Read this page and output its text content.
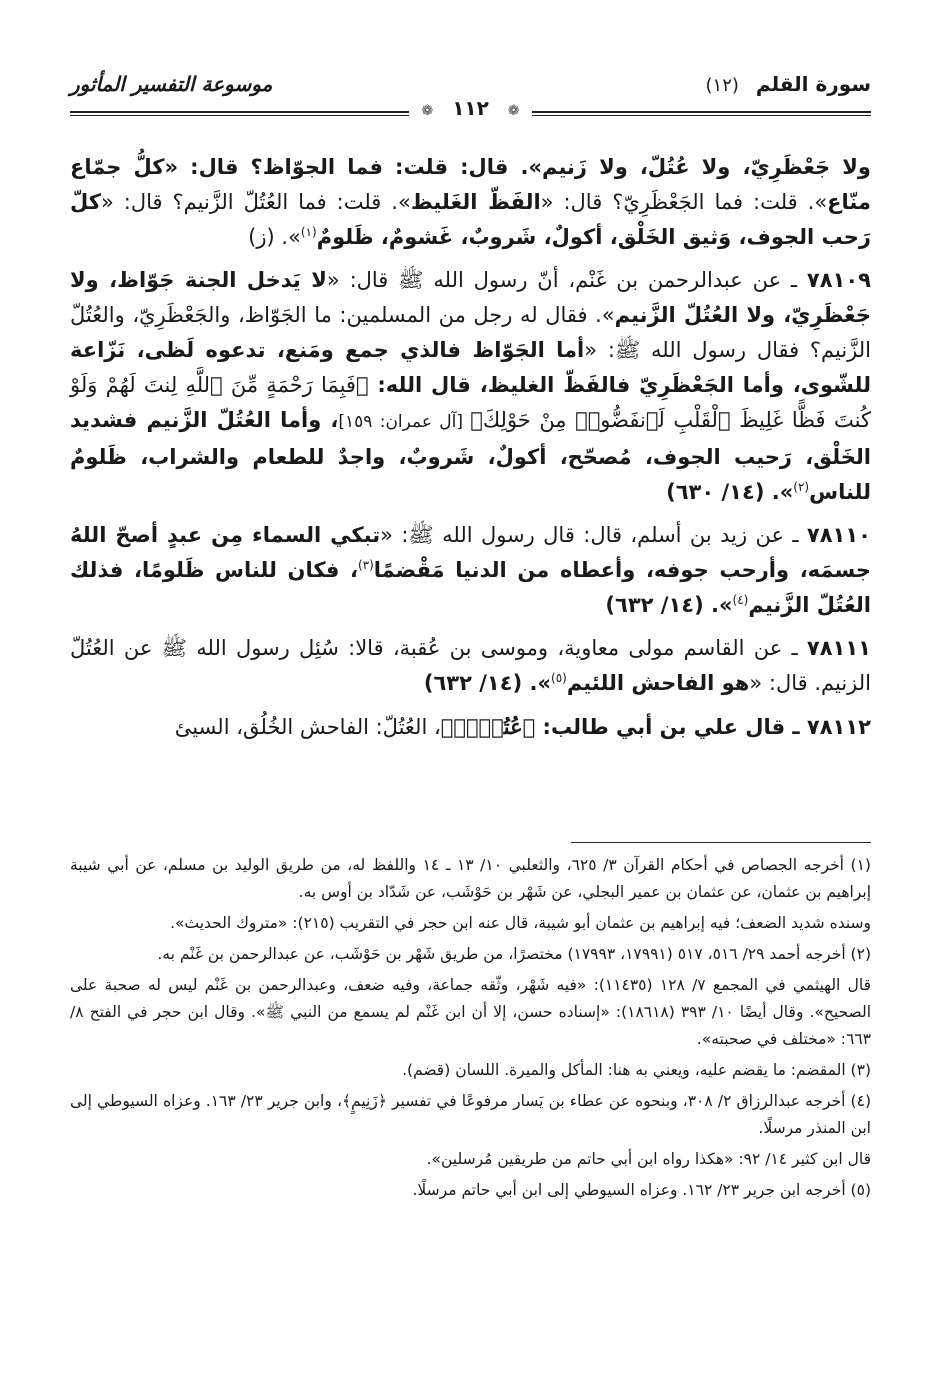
سورة القلم (١٢)
موسوعة التفسير المأثور
❁ ١١٢ ❁

ولا جَعْظَرِيّ، ولا عُتُلّ، ولا زَنيم». قال: قلت: فما الجوّاظ؟ قال: «كلُّ جمّاع منّاع». قلت: فما الجَعْظَرِيّ؟ قال: «الفَظّ الغَليظ». قلت: فما العُتُلّ الزَّنيم؟ قال: «كلّ رَحب الجوف، وَثيق الخَلْق، أكولٌ، شَروبٌ، غَشومٌ، ظَلومٌ$^{(١)}$». (ز)

٧٨١٠٩ ـ عن عبدالرحمن بن غَنْم، أنّ رسول الله ﷺ قال: «لا يَدخل الجنة جَوّاظ، ولا جَعْظَرِيّ، ولا العُتُلّ الزَّنيم». فقال له رجل من المسلمين: ما الجَوّاظ، والجَعْظَرِيّ، والعُتُلّ الزَّنيم؟ فقال رسول الله ﷺ: «أما الجَوّاظ فالذي جمع ومَنع، تدعوه لَظى، نَزّاعة للشّوى، وأما الجَعْظَرِيّ فالفَظّ الغليظ، قال الله: ﴿فَبِمَا رَحْمَةٍ مِّنَ ٱللَّهِ لِنتَ لَهُمْ وَلَوْ كُنتَ فَظًّا غَلِيظَ ٱلْقَلْبِ لَٱنفَضُّوا۟ مِنْ حَوْلِكَ﴾ [آل عمران: ١٥٩]، وأما العُتُلّ الزَّنيم فشديد الخَلْق، رَحيب الجوف، مُصحّح، أكولٌ، شَروبٌ، واجدٌ للطعام والشراب، ظَلومٌ للناس$^{(٢)}$». (١٤/ ٦٣٠)

٧٨١١٠ ـ عن زيد بن أسلم، قال: قال رسول الله ﷺ: «تبكي السماء مِن عبدٍ أصحّ اللهُ جسمَه، وأرحب جوفه، وأعطاه من الدنيا مَقْضمًا$^{(٣)}$، فكان للناس ظَلومًا، فذلك العُتُلّ الزَّنيم$^{(٤)}$». (١٤/ ٦٣٢)

٧٨١١١ ـ عن القاسم مولى معاوية، وموسى بن عُقبة، قالا: سُئِل رسول الله ﷺ عن العُتُلّ الزنيم. قال: «هو الفاحش اللئيم$^{(٥)}$». (١٤/ ٦٣٢)

٧٨١١٢ ـ قال علي بن أبي طالب: ﴿عُتُلِّۭ﴾، العُتُلّ: الفاحش الخُلُق، السيئ

(١) أخرجه الجصاص في أحكام القرآن ٣/ ٦٢٥، والثعلبي ١٠/ ١٣ ـ ١٤ واللفظ له، من طريق الوليد بن مسلم، عن أبي شيبة إبراهيم بن عثمان، عن عثمان بن عمير البجلي، عن شَهْر بن حَوْشَب، عن شَدّاد بن أوس به.

وسنده شديد الضعف؛ فيه إبراهيم بن عثمان أبو شيبة، قال عنه ابن حجر في التقريب (٢١٥): «متروك الحديث».

(٢) أخرجه أحمد ٢٩/ ٥١٦، ٥١٧ (١٧٩٩١، ١٧٩٩٣) مختصرًا، من طريق شَهْر بن حَوْشَب، عن عبدالرحمن بن غَنْم به.

قال الهيثمي في المجمع ٧/ ١٢٨ (١١٤٣٥): «فيه شَهْر، وثّقه جماعة، وفيه ضعف، وعبدالرحمن بن غَنْم ليس له صحبة على الصحيح». وقال أيضًا ١٠/ ٣٩٣ (١٨٦١٨): «إسناده حسن، إلا أن ابن غَنْم لم يسمع من النبي ﷺ». وقال ابن حجر في الفتح ٨/ ٦٦٣: «مختلف في صحبته».

(٣) المقضم: ما يقضم عليه، ويعني به هنا: المأكل والميرة. اللسان (قضم).

(٤) أخرجه عبدالرزاق ٢/ ٣٠٨، وبنحوه عن عطاء بن يَسار مرفوعًا في تفسير ﴿زَنِيمٍ﴾، وابن جرير ٢٣/ ١٦٣. وعزاه السيوطي إلى ابن المنذر مرسلًا.

قال ابن كثير ١٤/ ٩٢: «هكذا رواه ابن أبي حاتم من طريقين مُرسلين».

(٥) أخرجه ابن جرير ٢٣/ ١٦٢. وعزاه السيوطي إلى ابن أبي حاتم مرسلًا.
